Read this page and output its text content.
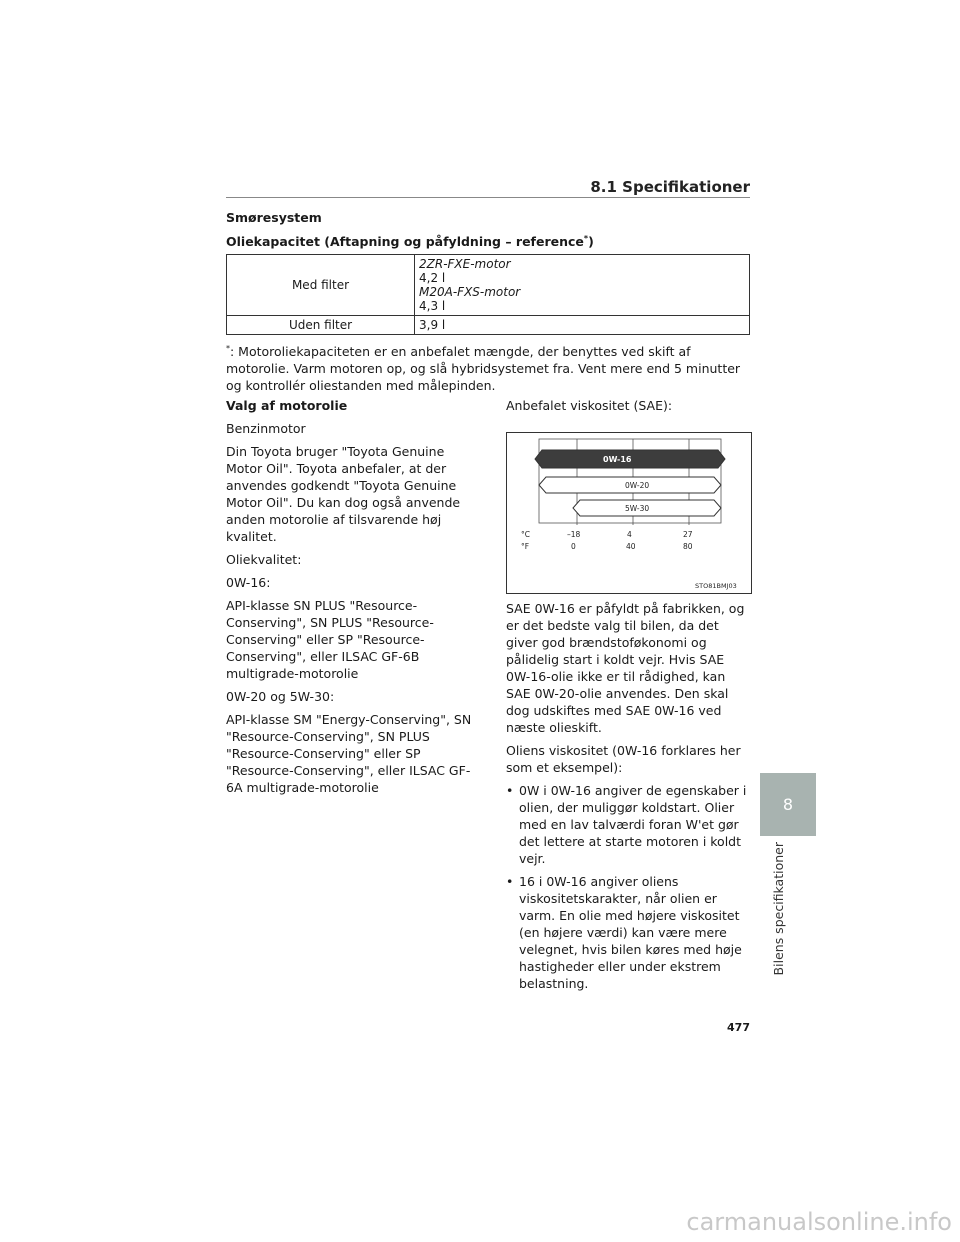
8.1 Specifikationer
Smøresystem
Oliekapacitet (Aftapning og påfyldning – reference*)
Med filter	2ZR-FXE-motor
4,2 l
M20A-FXS-motor
4,3 l

Uden filter	3,9 l
*: Motoroliekapaciteten er en anbefalet mængde, der benyttes ved skift af motorolie. Varm motoren op, og slå hybridsystemet fra. Vent mere end 5 minutter og kontrollér oliestanden med målepinden.
Valg af motorolie
Benzinmotor
Din Toyota bruger "Toyota Genuine Motor Oil". Toyota anbefaler, at der anvendes godkendt "Toyota Genuine Motor Oil". Du kan dog også anvende anden motorolie af tilsvarende høj kvalitet.
Oliekvalitet:
0W-16:
API-klasse SN PLUS "Resource-Conserving", SN PLUS "Resource-Conserving" eller SP "Resource-Conserving", eller ILSAC GF-6B multigrade-motorolie
0W-20 og 5W-30:
API-klasse SM "Energy-Conserving", SN "Resource-Conserving", SN PLUS "Resource-Conserving" eller SP "Resource-Conserving", eller ILSAC GF-6A multigrade-motorolie
Anbefalet viskositet (SAE):
0W-16
0W-20
5W-30
°C
°F
–18	4	27
0	40	80
STO81BMJ03
SAE 0W-16 er påfyldt på fabrikken, og er det bedste valg til bilen, da det giver god brændstoføkonomi og pålidelig start i koldt vejr. Hvis SAE 0W-16-olie ikke er til rådighed, kan SAE 0W-20-olie anvendes. Den skal dog udskiftes med SAE 0W-16 ved næste olieskift.
Oliens viskositet (0W-16 forklares her som et eksempel):
• 0W i 0W-16 angiver de egenskaber i olien, der muliggør koldstart. Olier med en lav talværdi foran W'et gør det lettere at starte motoren i koldt vejr.
• 16 i 0W-16 angiver oliens viskositetskarakter, når olien er varm. En olie med højere viskositet (en højere værdi) kan være mere velegnet, hvis bilen køres med høje hastigheder eller under ekstrem belastning.
8
Bilens specifikationer
477
carmanualsonline.info
